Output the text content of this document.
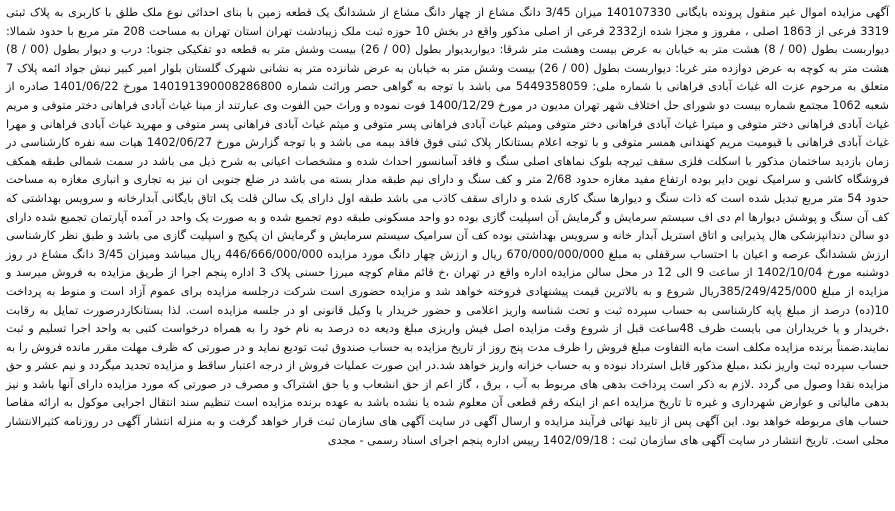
آگهی مزایده اموال غیر منقول پرونده بایگانی 140107330 میزان 3/45 دانگ مشاع از چهار دانگ مشاع از ششدانگ یک قطعه زمین با بنای احداثی نوع ملک طلق با کاربری به پلاک ثبتی 3319 فرعی از 1863 اصلی ، مفروز و مجزا شده از2332 فرعی از اصلی مذکور واقع در بخش 10 حوزه ثبت ملک زیبادشت تهران استان تهران به مساحت 208 متر مربع با حدود شمالا: دیواربست بطول (00 / 8) هشت متر به خیابان به عرض بیست وهشت متر شرقا: دیواربدیوار بطول (00 / 26) بیست وشش متر به قطعه دو تفکیکی جنوبا: درب و دیوار بطول (00 / 8) هشت متر به کوچه به عرض دوازده متر غربا: دیواربست بطول (00 / 26) بیست وشش متر به خیابان به عرض شانزده متر به نشانی شهرک گلستان بلوار امیر کبیر نبش جواد ائمه پلاک 7 متعلق به مرحوم عزت اله غیاث آبادی فراهانی با شماره ملی: 5449358059 می باشد با توجه به گواهی حصر وراثت شماره 140191390008286800 مورخ 1401/06/22 صادره از شعبه 1062 مجتمع شماره بیست دو شورای حل اختلاف شهر تهران مدیون در مورخ 1400/12/29 فوت نموده و وراث حین الفوت وی عبارتند از مینا غیاث آبادی فراهانی دختر متوفی و مریم غیاث آبادی فراهانی دختر متوفی و میترا غیاث آبادی فراهانی دختر متوفی ومیثم غیاث آبادی فراهانی پسر متوفی و میثم غیاث آبادی فراهانی پسر متوفی و مهرید غیاث آبادی فراهانی و مهرا غیاث آبادی فراهانی با قیومیت مریم کهندانی همسر متوفی و با توجه اعلام بستانکار پلاک ثبتی فوق فاقد بیمه می باشد و با توجه گزارش مورخ 1402/06/27 هیات سه نفره کارشناسی در زمان بازدید ساختمان مذکور با اسکلت فلزی سقف تیرچه بلوک نماهای اصلی سنگ و فاقد آسانسور احداث شده و مشخصات اعیانی به شرح ذیل می باشد در سمت شمالی طبقه همکف فروشگاه کاشی و سرامیک نوین دایر بوده ارتفاع مفید مغازه حدود 2/68 متر و کف سنگ و دارای نیم طبقه مدار بسته می باشد در ضلع جنوبی ان نیز به تجاری و انباری مغازه به مساحت حدود 54 متر مربع تبدیل شده است که ذات سنگ و دیوارها سنگ کاری شده و دارای سقف کاذب می باشد طبقه اول دارای یک سالن قلت یک اتاق بایگانی آبدارخانه و سرویس بهداشتی که کف آن سنگ و پوشش دیوارها ام دی اف سیستم سرمایش و گرمایش آن اسپلیت گازی بوده دو واحد مسکونی طبقه دوم تجمیع شده و به صورت یک واحد در آمده آپارتمان تجمیع شده دارای دو سالن دندانپزشکی هال پذیرایی و اتاق استریل آبدار خانه و سرویس بهداشتی بوده کف آن سرامیک سیستم سرمایش و گرمایش ان پکیج و اسپلیت گازی می باشد و طبق نظر کارشناسی ارزش ششدانگ عرصه و اعیان با احتساب سرقفلی به مبلغ 670/000/000/000 ریال و ارزش چهار دانگ مورد مزایده 446/666/000/000 ریال میباشد ومیزان 3/45 دانگ مشاع در روز دوشنبه مورخ 1402/10/04 از ساعت 9 الی 12 در محل سالن مزایده اداره واقع در تهران ،خ قائم مقام کوچه میرزا حسنی پلاک 3 اداره پنجم اجرا از طریق مزایده به فروش میرسد و مزایده از مبلغ 385/249/425/000ریال شروع و به بالاترین قیمت پیشنهادی فروخته خواهد شد و مزایده حضوری است شرکت درجلسه مزایده برای عموم آزاد است و منوط به پرداخت 10(ده) درصد از مبلغ پایه کارشناسی به حساب سپرده ثبت و تحت شناسه واریز اعلامی و حضور خریدار یا وکیل قانونی او در جلسه مزایده است. لذا بستانکاردرصورت تمایل به رقابت ،خریدار و یا خریداران می بایست ظرف 48ساعت قبل از شروع وقت مزایده اصل فیش واریزی مبلغ ودیعه ده درصد به نام خود را به همراه درخواست کتبی به واحد اجرا تسلیم و ثبت نمایند.ضمناً برنده مزایده مکلف است مابه التفاوت مبلغ فروش را ظرف مدت پنج روز از تاریخ مزایده به حساب صندوق ثبت تودیع نماید و در صورتی که ظرف مهلت مقرر مانده فروش را به حساب سپرده ثبت واریز نکند ،مبلغ مذکور قابل استرداد نبوده و به حساب خزانه واریز خواهد شد.در این صورت عملیات فروش از درجه اعتبار ساقط و مزایده تجدید میگردد و نیم عشر و حق مزایده نقدا وصول می گردد .لازم به ذکر است پرداخت بدهی های مربوط به آب ، برق ، گاز اعم از حق انشعاب و یا حق اشتراک و مصرف در صورتی که مورد مزایده دارای آنها باشد و نیز بدهی مالیاتی و عوارض شهرداری و غیره تا تاریخ مزایده اعم از اینکه رقم قطعی آن معلوم شده یا نشده باشد به عهده برنده مزایده است تنظیم سند انتقال اجرایی موکول به ارائه مفاصا حساب های مربوطه خواهد بود. این آگهی پس از تایید نهائی فرآیند مزایده و ارسال آگهی در سایت آگهی های سازمان ثبت قرار خواهد گرفت و به منزله انتشار آگهی در روزنامه کثیرالانتشار محلی است. تاریخ انتشار در سایت آگهی های سازمان ثبت : 1402/09/18 رییس اداره پنجم اجرای اسناد رسمی - مجدی
